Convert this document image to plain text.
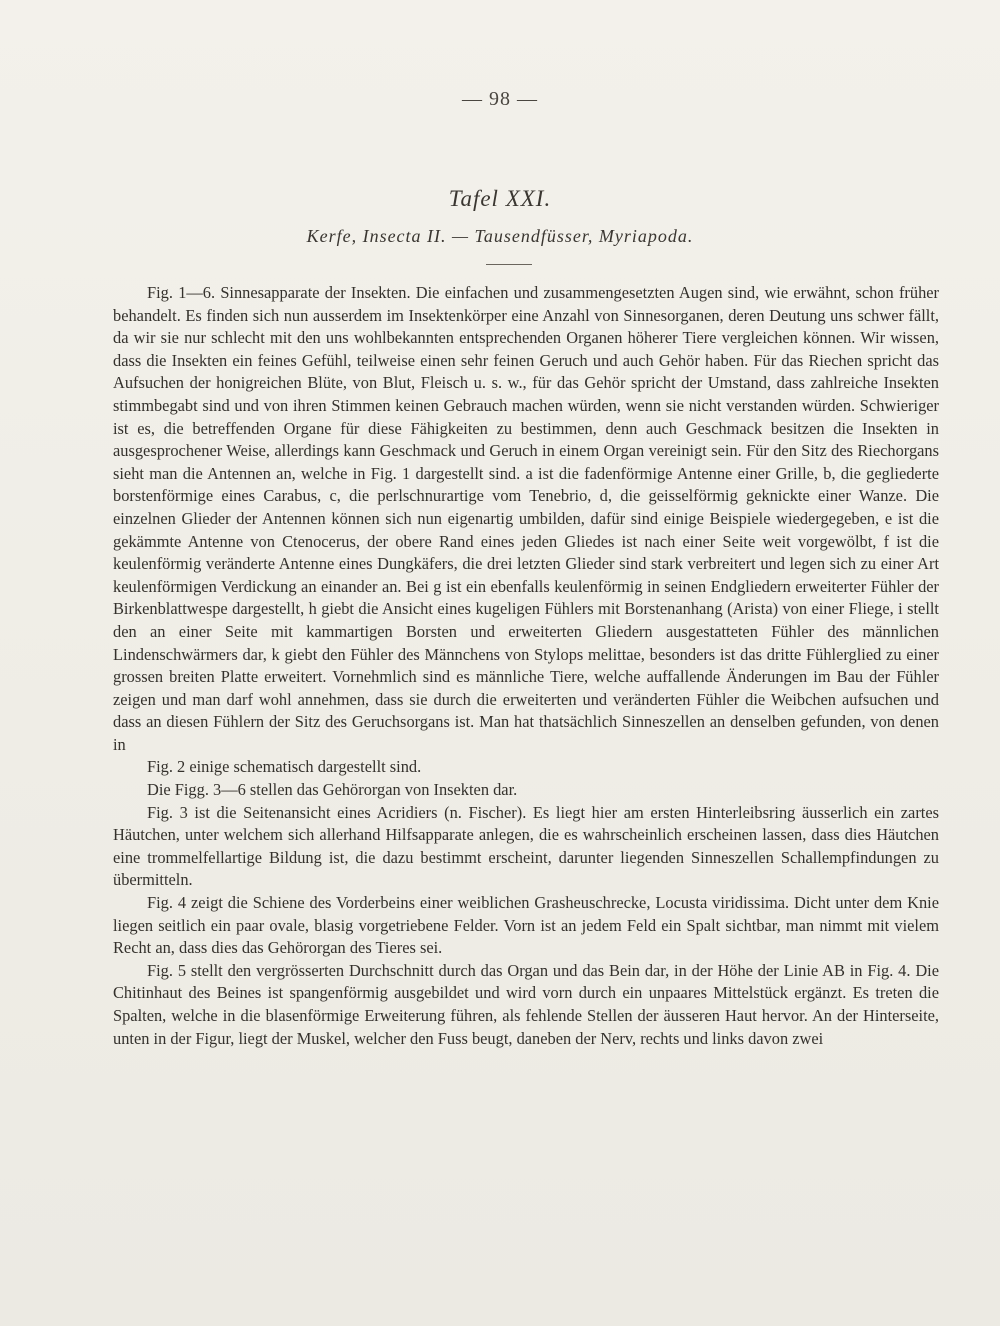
— 98 —
Tafel XXI.
Kerfe, Insecta II. — Tausendfüsser, Myriapoda.

Fig. 1—6. Sinnesapparate der Insekten. Die einfachen und zusammengesetzten Augen sind, wie erwähnt, schon früher behandelt. Es finden sich nun ausserdem im Insektenkörper eine Anzahl von Sinnesorganen, deren Deutung uns schwer fällt, da wir sie nur schlecht mit den uns wohlbekannten entsprechenden Organen höherer Tiere vergleichen können. Wir wissen, dass die Insekten ein feines Gefühl, teilweise einen sehr feinen Geruch und auch Gehör haben. Für das Riechen spricht das Aufsuchen der honigreichen Blüte, von Blut, Fleisch u. s. w., für das Gehör spricht der Umstand, dass zahlreiche Insekten stimmbegabt sind und von ihren Stimmen keinen Gebrauch machen würden, wenn sie nicht verstanden würden. Schwieriger ist es, die betreffenden Organe für diese Fähigkeiten zu bestimmen, denn auch Geschmack besitzen die Insekten in ausgesprochener Weise, allerdings kann Geschmack und Geruch in einem Organ vereinigt sein. Für den Sitz des Riechorgans sieht man die Antennen an, welche in Fig. 1 dargestellt sind. a ist die fadenförmige Antenne einer Grille, b, die gegliederte borstenförmige eines Carabus, c, die perlschnurartige vom Tenebrio, d, die geisselförmig geknickte einer Wanze. Die einzelnen Glieder der Antennen können sich nun eigenartig umbilden, dafür sind einige Beispiele wiedergegeben, e ist die gekämmte Antenne von Ctenocerus, der obere Rand eines jeden Gliedes ist nach einer Seite weit vorgewölbt, f ist die keulenförmig veränderte Antenne eines Dungkäfers, die drei letzten Glieder sind stark verbreitert und legen sich zu einer Art keulenförmigen Verdickung an einander an. Bei g ist ein ebenfalls keulenförmig in seinen Endgliedern erweiterter Fühler der Birkenblattwespe dargestellt, h giebt die Ansicht eines kugeligen Fühlers mit Borstenanhang (Arista) von einer Fliege, i stellt den an einer Seite mit kammartigen Borsten und erweiterten Gliedern ausgestatteten Fühler des männlichen Lindenschwärmers dar, k giebt den Fühler des Männchens von Stylops melittae, besonders ist das dritte Fühlerglied zu einer grossen breiten Platte erweitert. Vornehmlich sind es männliche Tiere, welche auffallende Änderungen im Bau der Fühler zeigen und man darf wohl annehmen, dass sie durch die erweiterten und veränderten Fühler die Weibchen aufsuchen und dass an diesen Fühlern der Sitz des Geruchsorgans ist. Man hat thatsächlich Sinneszellen an denselben gefunden, von denen in

Fig. 2 einige schematisch dargestellt sind.

Die Figg. 3—6 stellen das Gehörorgan von Insekten dar.

Fig. 3 ist die Seitenansicht eines Acridiers (n. Fischer). Es liegt hier am ersten Hinterleibsring äusserlich ein zartes Häutchen, unter welchem sich allerhand Hilfsapparate anlegen, die es wahrscheinlich erscheinen lassen, dass dies Häutchen eine trommelfellartige Bildung ist, die dazu bestimmt erscheint, darunter liegenden Sinneszellen Schallempfindungen zu übermitteln.

Fig. 4 zeigt die Schiene des Vorderbeins einer weiblichen Grasheuschrecke, Locusta viridissima. Dicht unter dem Knie liegen seitlich ein paar ovale, blasig vorgetriebene Felder. Vorn ist an jedem Feld ein Spalt sichtbar, man nimmt mit vielem Recht an, dass dies das Gehörorgan des Tieres sei.

Fig. 5 stellt den vergrösserten Durchschnitt durch das Organ und das Bein dar, in der Höhe der Linie AB in Fig. 4. Die Chitinhaut des Beines ist spangenförmig ausgebildet und wird vorn durch ein unpaares Mittelstück ergänzt. Es treten die Spalten, welche in die blasenförmige Erweiterung führen, als fehlende Stellen der äusseren Haut hervor. An der Hinterseite, unten in der Figur, liegt der Muskel, welcher den Fuss beugt, daneben der Nerv, rechts und links davon zwei
